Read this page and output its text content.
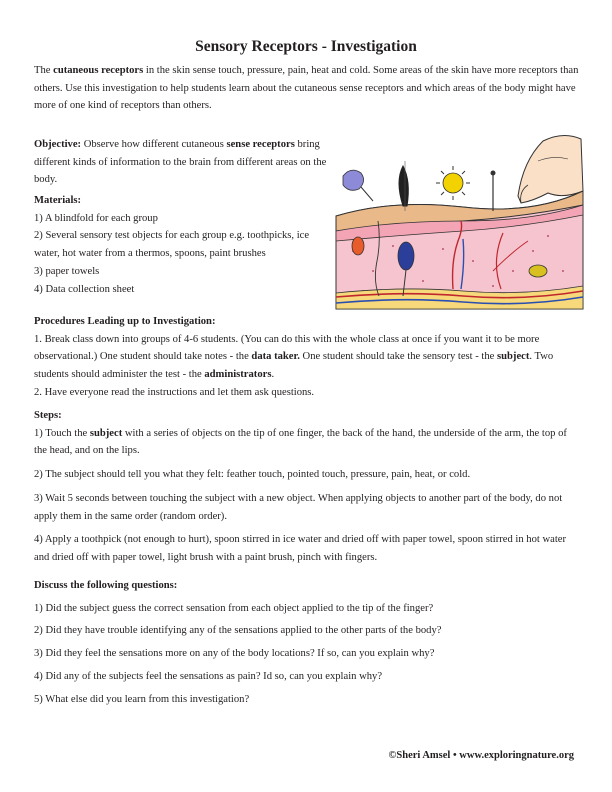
Sensory Receptors - Investigation

The cutaneous receptors in the skin sense touch, pressure, pain, heat and cold. Some areas of the skin have more receptors than others. Use this investigation to help students learn about the cutaneous sense receptors and which areas of the body might have more of one kind of receptors than others.

Objective: Observe how different cutaneous sense receptors bring different kinds of information to the brain from different areas on the body.

Materials:
1) A blindfold for each group
2) Several sensory test objects for each group e.g. toothpicks, ice water, hot water from a thermos, spoons, paint brushes
3) paper towels
4) Data collection sheet
Procedures Leading up to Investigation:
1. Break class down into groups of 4-6 students. (You can do this with the whole class at once if you want it to be more observational.) One student should take notes - the data taker. One student should take the sensory test - the subject. Two students should administer the test - the administrators.
2. Have everyone read the instructions and let them ask questions.
Steps:
1) Touch the subject with a series of objects on the tip of one finger, the back of the hand, the underside of the arm, the top of the head, and on the lips.
2) The subject should tell you what they felt: feather touch, pointed touch, pressure, pain, heat, or cold.
3) Wait 5 seconds between touching the subject with a new object. When applying objects to another part of the body, do not apply them in the same order (random order).
4) Apply a toothpick (not enough to hurt), spoon stirred in ice water and dried off with paper towel, spoon stirred in hot water and dried off with paper towel, light brush with a paint brush, pinch with fingers.
Discuss the following questions:
1) Did the subject guess the correct sensation from each object applied to the tip of the finger?
2) Did they have trouble identifying any of the sensations applied to the other parts of the body?
3) Did they feel the sensations more on any of the body locations? If so, can you explain why?
4) Did any of the subjects feel the sensations as pain? Id so, can you explain why?
5) What else did you learn from this investigation?
©Sheri Amsel • www.exploringnature.org
